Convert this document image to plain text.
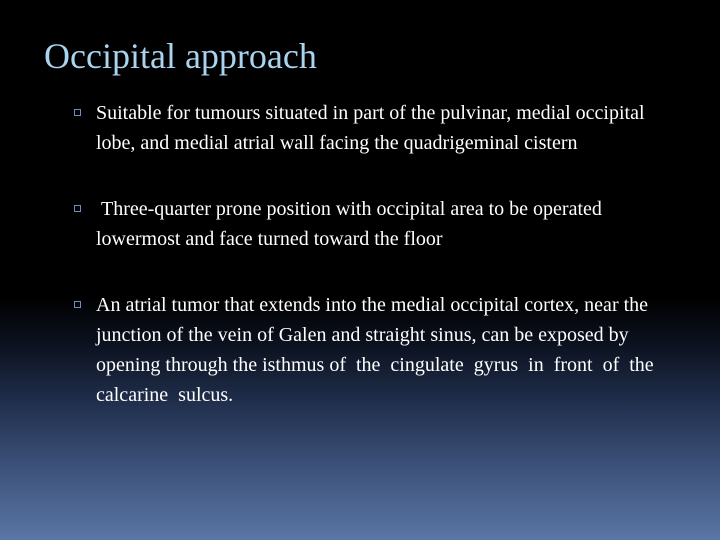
Occipital approach
Suitable for tumours situated in part of the pulvinar, medial occipital lobe, and medial atrial wall facing the quadrigeminal cistern
Three-quarter prone position with occipital area to be operated lowermost and face turned toward the floor
An atrial tumor that extends into the medial occipital cortex, near the junction of the vein of Galen and straight sinus, can be exposed by opening through the isthmus of  the  cingulate  gyrus  in  front  of  the calcarine  sulcus.
